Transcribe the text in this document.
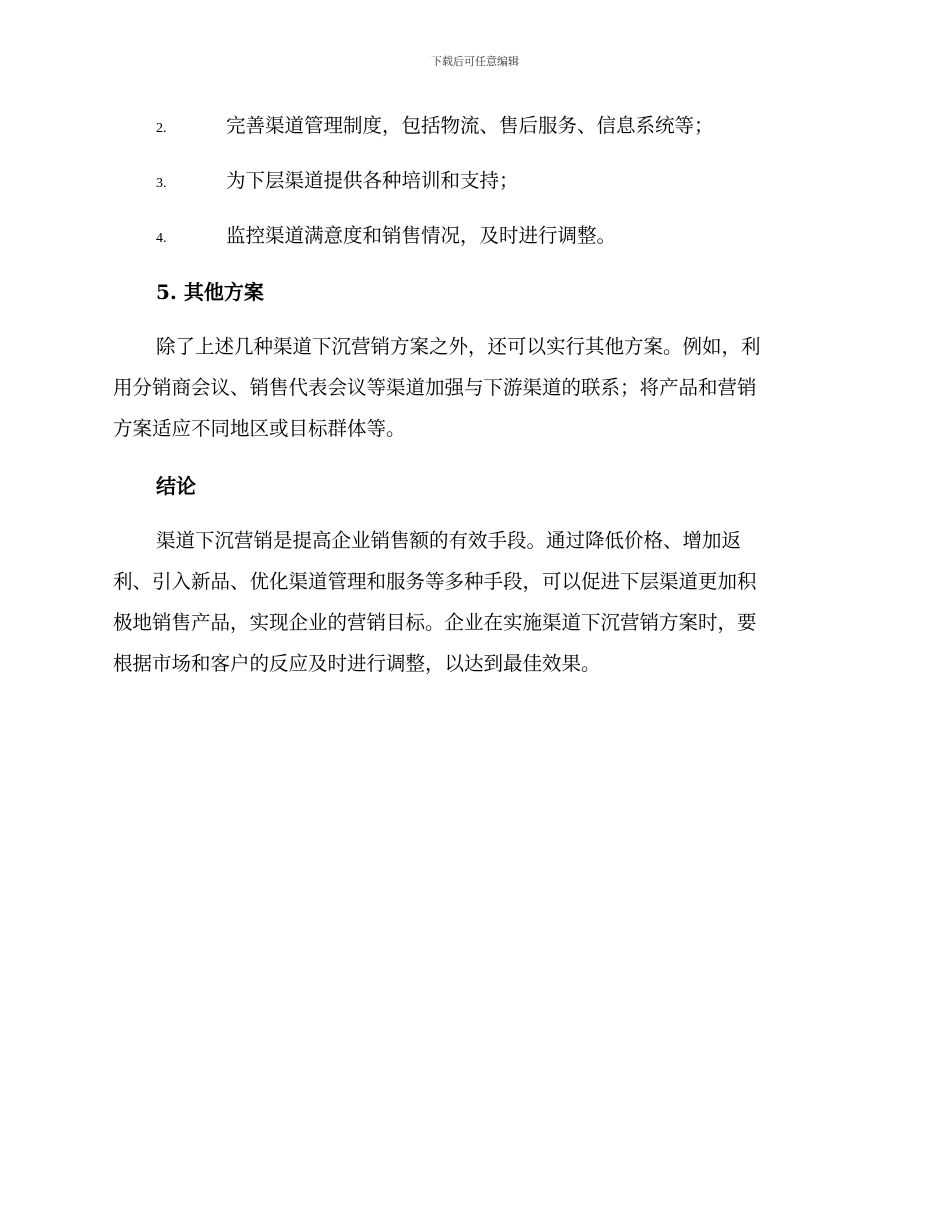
下载后可任意编辑
2.	完善渠道管理制度，包括物流、售后服务、信息系统等；
3.	为下层渠道提供各种培训和支持；
4.	监控渠道满意度和销售情况，及时进行调整。
5. 其他方案
除了上述几种渠道下沉营销方案之外，还可以实行其他方案。例如，利
用分销商会议、销售代表会议等渠道加强与下游渠道的联系；将产品和营销
方案适应不同地区或目标群体等。
结论
渠道下沉营销是提高企业销售额的有效手段。通过降低价格、增加返
利、引入新品、优化渠道管理和服务等多种手段，可以促进下层渠道更加积
极地销售产品，实现企业的营销目标。企业在实施渠道下沉营销方案时，要
根据市场和客户的反应及时进行调整，以达到最佳效果。
